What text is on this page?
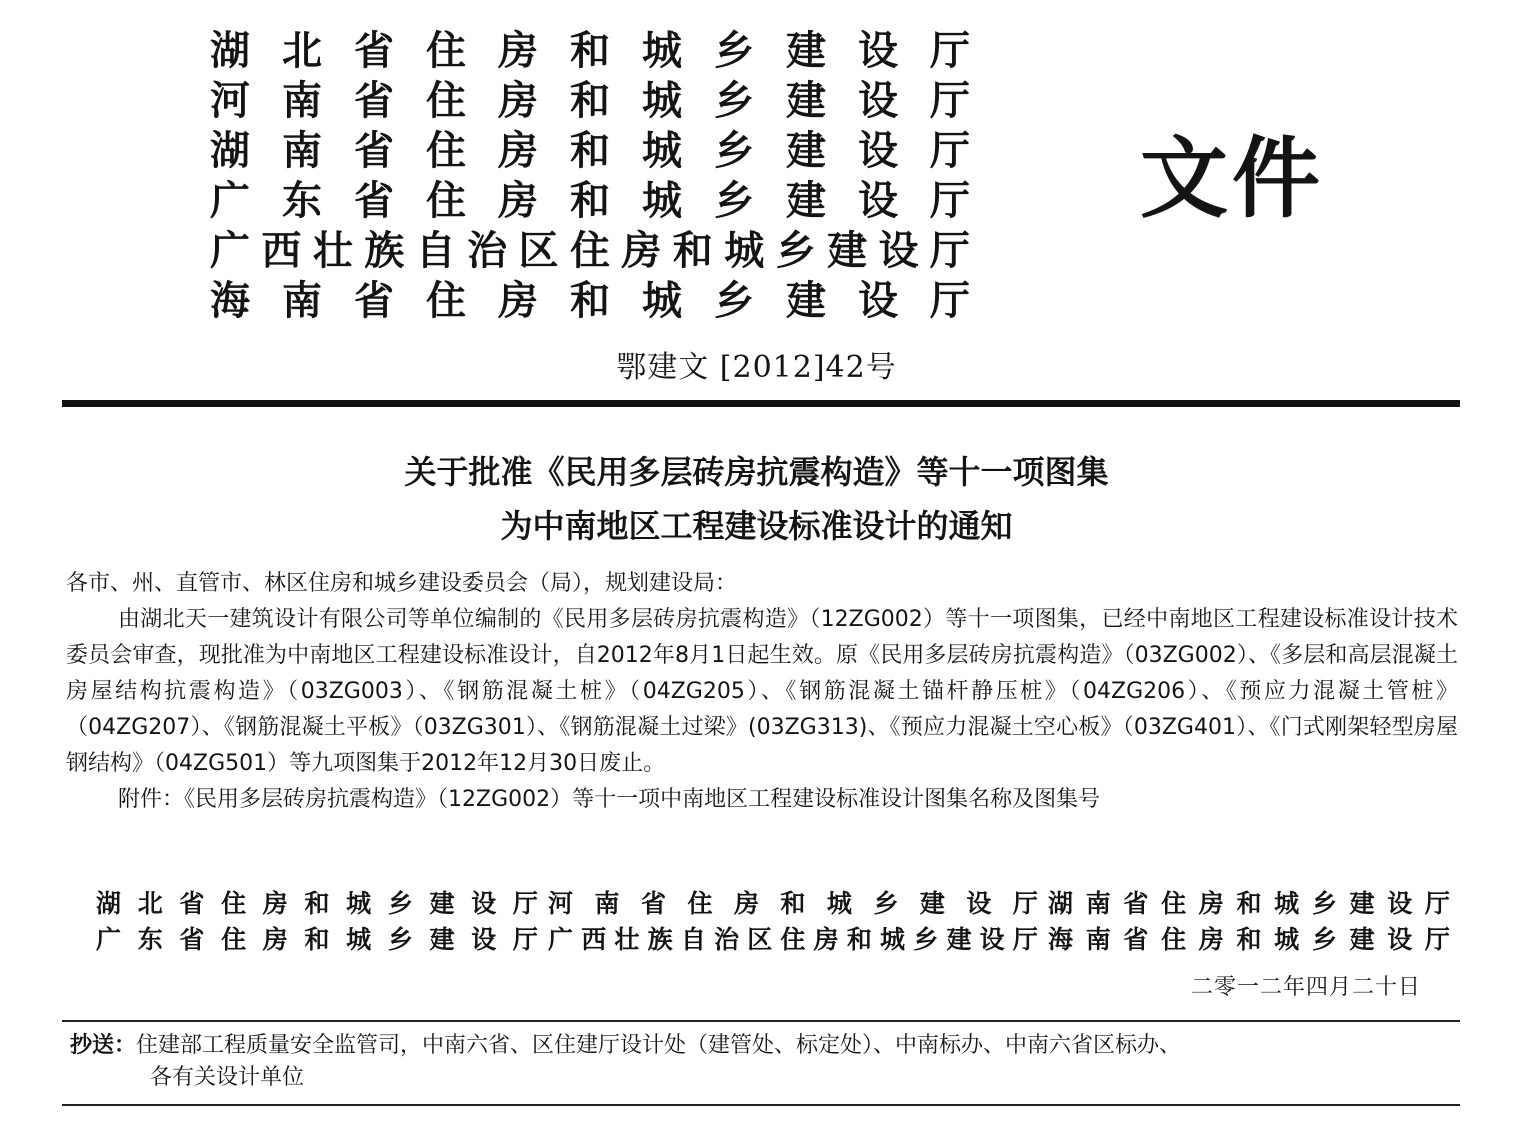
湖 北 省 住 房 和 城 乡 建 设 厅
河 南 省 住 房 和 城 乡 建 设 厅
湖 南 省 住 房 和 城 乡 建 设 厅
广 东 省 住 房 和 城 乡 建 设 厅
广 西 壮 族 自 治 区 住 房 和 城 乡 建 设 厅
海 南 省 住 房 和 城 乡 建 设 厅
文件
鄂建文 [2012]42号
关于批准《民用多层砖房抗震构造》等十一项图集
为中南地区工程建设标准设计的通知

各市、州、直管市、林区住房和城乡建设委员会（局），规划建设局：

由湖北天一建筑设计有限公司等单位编制的《民用多层砖房抗震构造》（12ZG002）等十一项图集，已经中南地区工程建设标准设计技术委员会审查，现批准为中南地区工程建设标准设计，自2012年8月1日起生效。原《民用多层砖房抗震构造》（03ZG002）、《多层和高层混凝土房屋结构抗震构造》（03ZG003）、《钢筋混凝土桩》（04ZG205）、《钢筋混凝土锚杆静压桩》（04ZG206）、《预应力混凝土管桩》（04ZG207）、《钢筋混凝土平板》（03ZG301）、《钢筋混凝土过梁》(03ZG313)、《预应力混凝土空心板》（03ZG401）、《门式刚架轻型房屋钢结构》（04ZG501）等九项图集于2012年12月30日废止。

附件：《民用多层砖房抗震构造》（12ZG002）等十一项中南地区工程建设标准设计图集名称及图集号

湖 北 省 住 房 和 城 乡 建 设 厅 河 南 省 住 房 和 城 乡 建 设 厅 湖 南 省 住 房 和 城 乡 建 设 厅
广 东 省 住 房 和 城 乡 建 设 厅 广 西 壮 族 自 治 区 住 房 和 城 乡 建 设 厅 海 南 省 住 房 和 城 乡 建 设 厅
二零一二年四月二十日
抄送：住建部工程质量安全监管司，中南六省、区住建厅设计处（建管处、标定处）、中南标办、中南六省区标办、
各有关设计单位
